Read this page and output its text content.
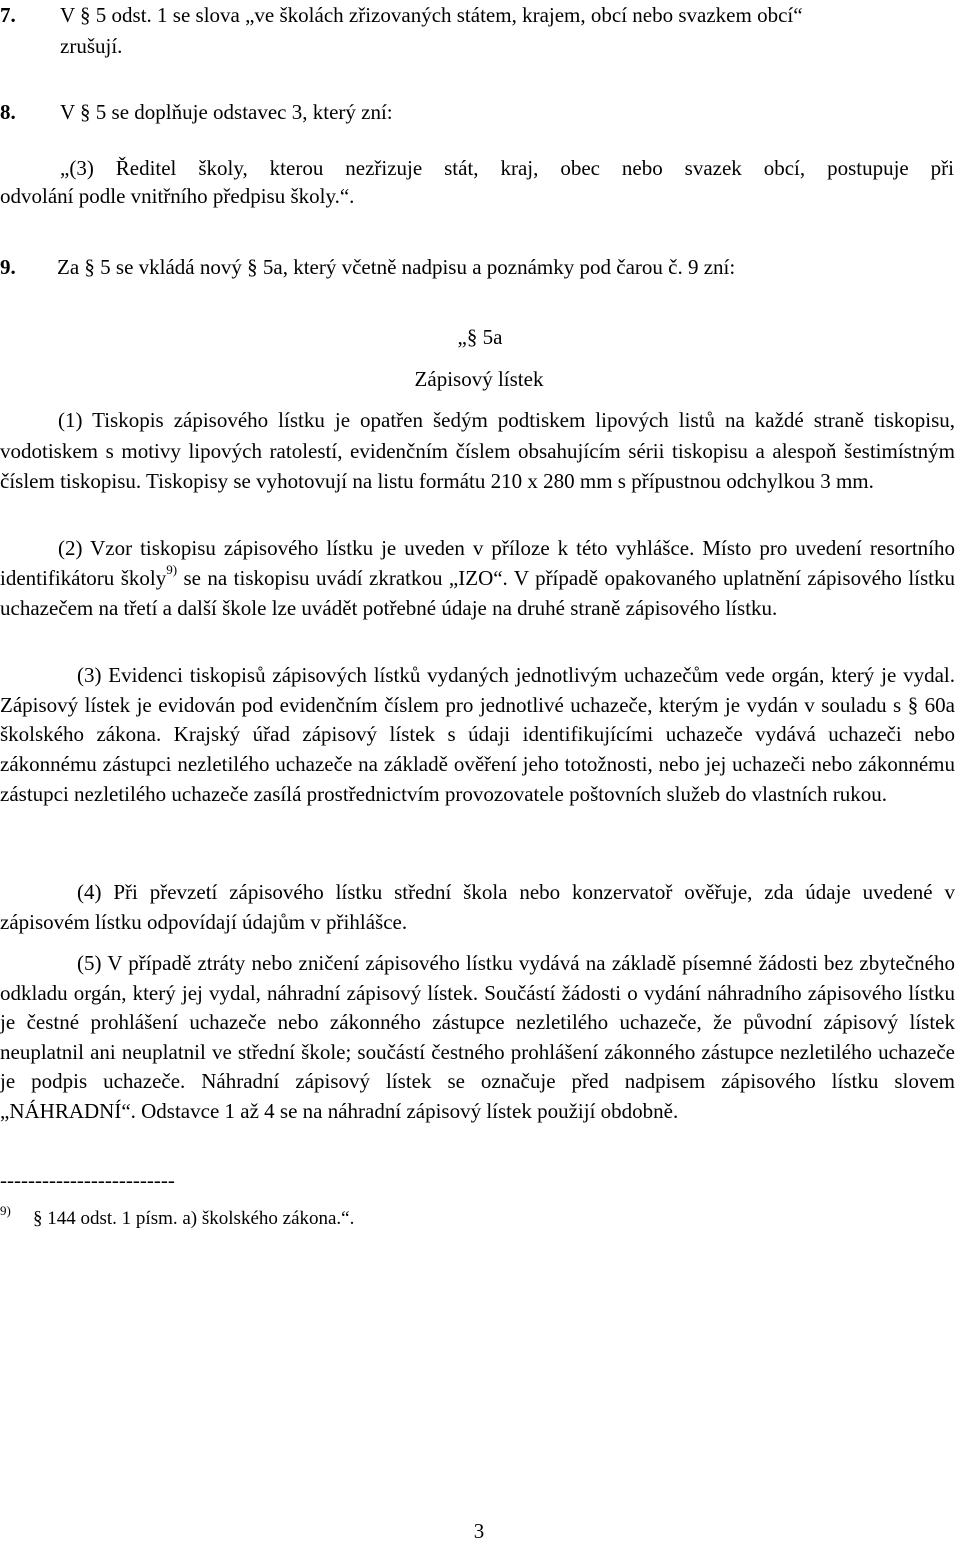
7. V § 5 odst. 1 se slova „ve školách zřizovaných státem, krajem, obcí nebo svazkem obcí“
zrušují.
8. V § 5 se doplňuje odstavec 3, který zní:
„(3) Ředitel školy, kterou nezřizuje stát, kraj, obec nebo svazek obcí, postupuje při
odvolání podle vnitřního předpisu školy.“.
9. Za § 5 se vkládá nový § 5a, který včetně nadpisu a poznámky pod čarou č. 9 zní:
„§ 5a
Zápisový lístek

(1) Tiskopis zápisového lístku je opatřen šedým podtiskem lipových listů na každé straně tiskopisu, vodotiskem s motivy lipových ratolestí, evidenčním číslem obsahujícím sérii tiskopisu a alespoň šestimístným číslem tiskopisu. Tiskopisy se vyhotovují na listu formátu 210 x 280 mm s přípustnou odchylkou 3 mm.

(2) Vzor tiskopisu zápisového lístku je uveden v příloze k této vyhlášce. Místo pro uvedení resortního identifikátoru školy$^{9)}$ se na tiskopisu uvádí zkratkou „IZO“. V případě opakovaného uplatnění zápisového lístku uchazečem na třetí a další škole lze uvádět potřebné údaje na druhé straně zápisového lístku.

(3) Evidenci tiskopisů zápisových lístků vydaných jednotlivým uchazečům vede orgán, který je vydal. Zápisový lístek je evidován pod evidenčním číslem pro jednotlivé uchazeče, kterým je vydán v souladu s § 60a školského zákona. Krajský úřad zápisový lístek s údaji identifikujícími uchazeče vydává uchazeči nebo zákonnému zástupci nezletilého uchazeče na základě ověření jeho totožnosti, nebo jej uchazeči nebo zákonnému zástupci nezletilého uchazeče zasílá prostřednictvím provozovatele poštovních služeb do vlastních rukou.

(4) Při převzetí zápisového lístku střední škola nebo konzervatoř ověřuje, zda údaje uvedené v zápisovém lístku odpovídají údajům v přihlášce.

(5) V případě ztráty nebo zničení zápisového lístku vydává na základě písemné žádosti bez zbytečného odkladu orgán, který jej vydal, náhradní zápisový lístek. Součástí žádosti o vydání náhradního zápisového lístku je čestné prohlášení uchazeče nebo zákonného zástupce nezletilého uchazeče, že původní zápisový lístek neuplatnil ani neuplatnil ve střední škole; součástí čestného prohlášení zákonného zástupce nezletilého uchazeče je podpis uchazeče. Náhradní zápisový lístek se označuje před nadpisem zápisového lístku slovem „NÁHRADNÍ“. Odstavce 1 až 4 se na náhradní zápisový lístek použijí obdobně.

-------------------------
9) § 144 odst. 1 písm. a) školského zákona.“.
3
